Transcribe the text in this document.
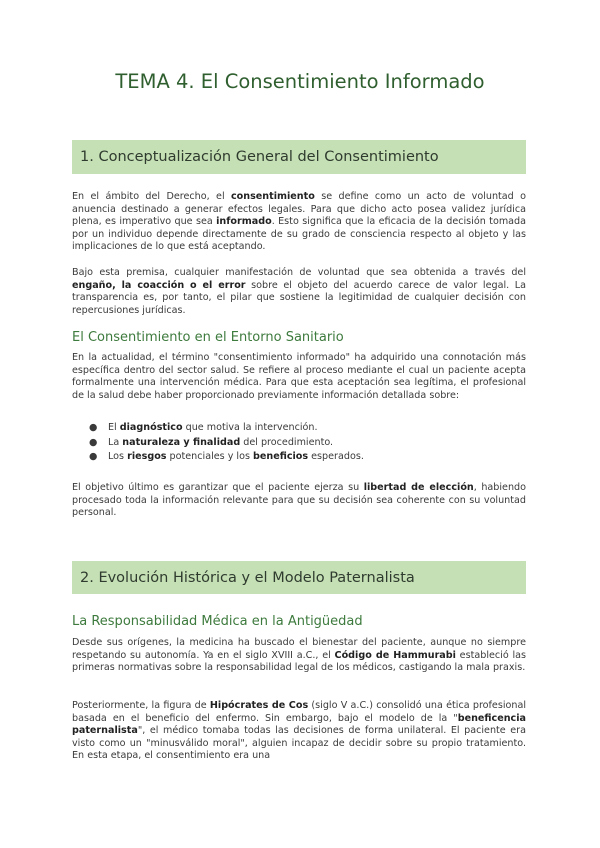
TEMA 4. El Consentimiento Informado
1. Conceptualización General del Consentimiento

En el ámbito del Derecho, el consentimiento se define como un acto de voluntad o anuencia destinado a generar efectos legales. Para que dicho acto posea validez jurídica plena, es imperativo que sea informado. Esto significa que la eficacia de la decisión tomada por un individuo depende directamente de su grado de consciencia respecto al objeto y las implicaciones de lo que está aceptando.

Bajo esta premisa, cualquier manifestación de voluntad que sea obtenida a través del engaño, la coacción o el error sobre el objeto del acuerdo carece de valor legal. La transparencia es, por tanto, el pilar que sostiene la legitimidad de cualquier decisión con repercusiones jurídicas.

El Consentimiento en el Entorno Sanitario

En la actualidad, el término "consentimiento informado" ha adquirido una connotación más específica dentro del sector salud. Se refiere al proceso mediante el cual un paciente acepta formalmente una intervención médica. Para que esta aceptación sea legítima, el profesional de la salud debe haber proporcionado previamente información detallada sobre:

● El diagnóstico que motiva la intervención.
● La naturaleza y finalidad del procedimiento.
● Los riesgos potenciales y los beneficios esperados.

El objetivo último es garantizar que el paciente ejerza su libertad de elección, habiendo procesado toda la información relevante para que su decisión sea coherente con su voluntad personal.

2. Evolución Histórica y el Modelo Paternalista
La Responsabilidad Médica en la Antigüedad

Desde sus orígenes, la medicina ha buscado el bienestar del paciente, aunque no siempre respetando su autonomía. Ya en el siglo XVIII a.C., el Código de Hammurabi estableció las primeras normativas sobre la responsabilidad legal de los médicos, castigando la mala praxis.

Posteriormente, la figura de Hipócrates de Cos (siglo V a.C.) consolidó una ética profesional basada en el beneficio del enfermo. Sin embargo, bajo el modelo de la "beneficencia paternalista", el médico tomaba todas las decisiones de forma unilateral. El paciente era visto como un "minusválido moral", alguien incapaz de decidir sobre su propio tratamiento. En esta etapa, el consentimiento era una
